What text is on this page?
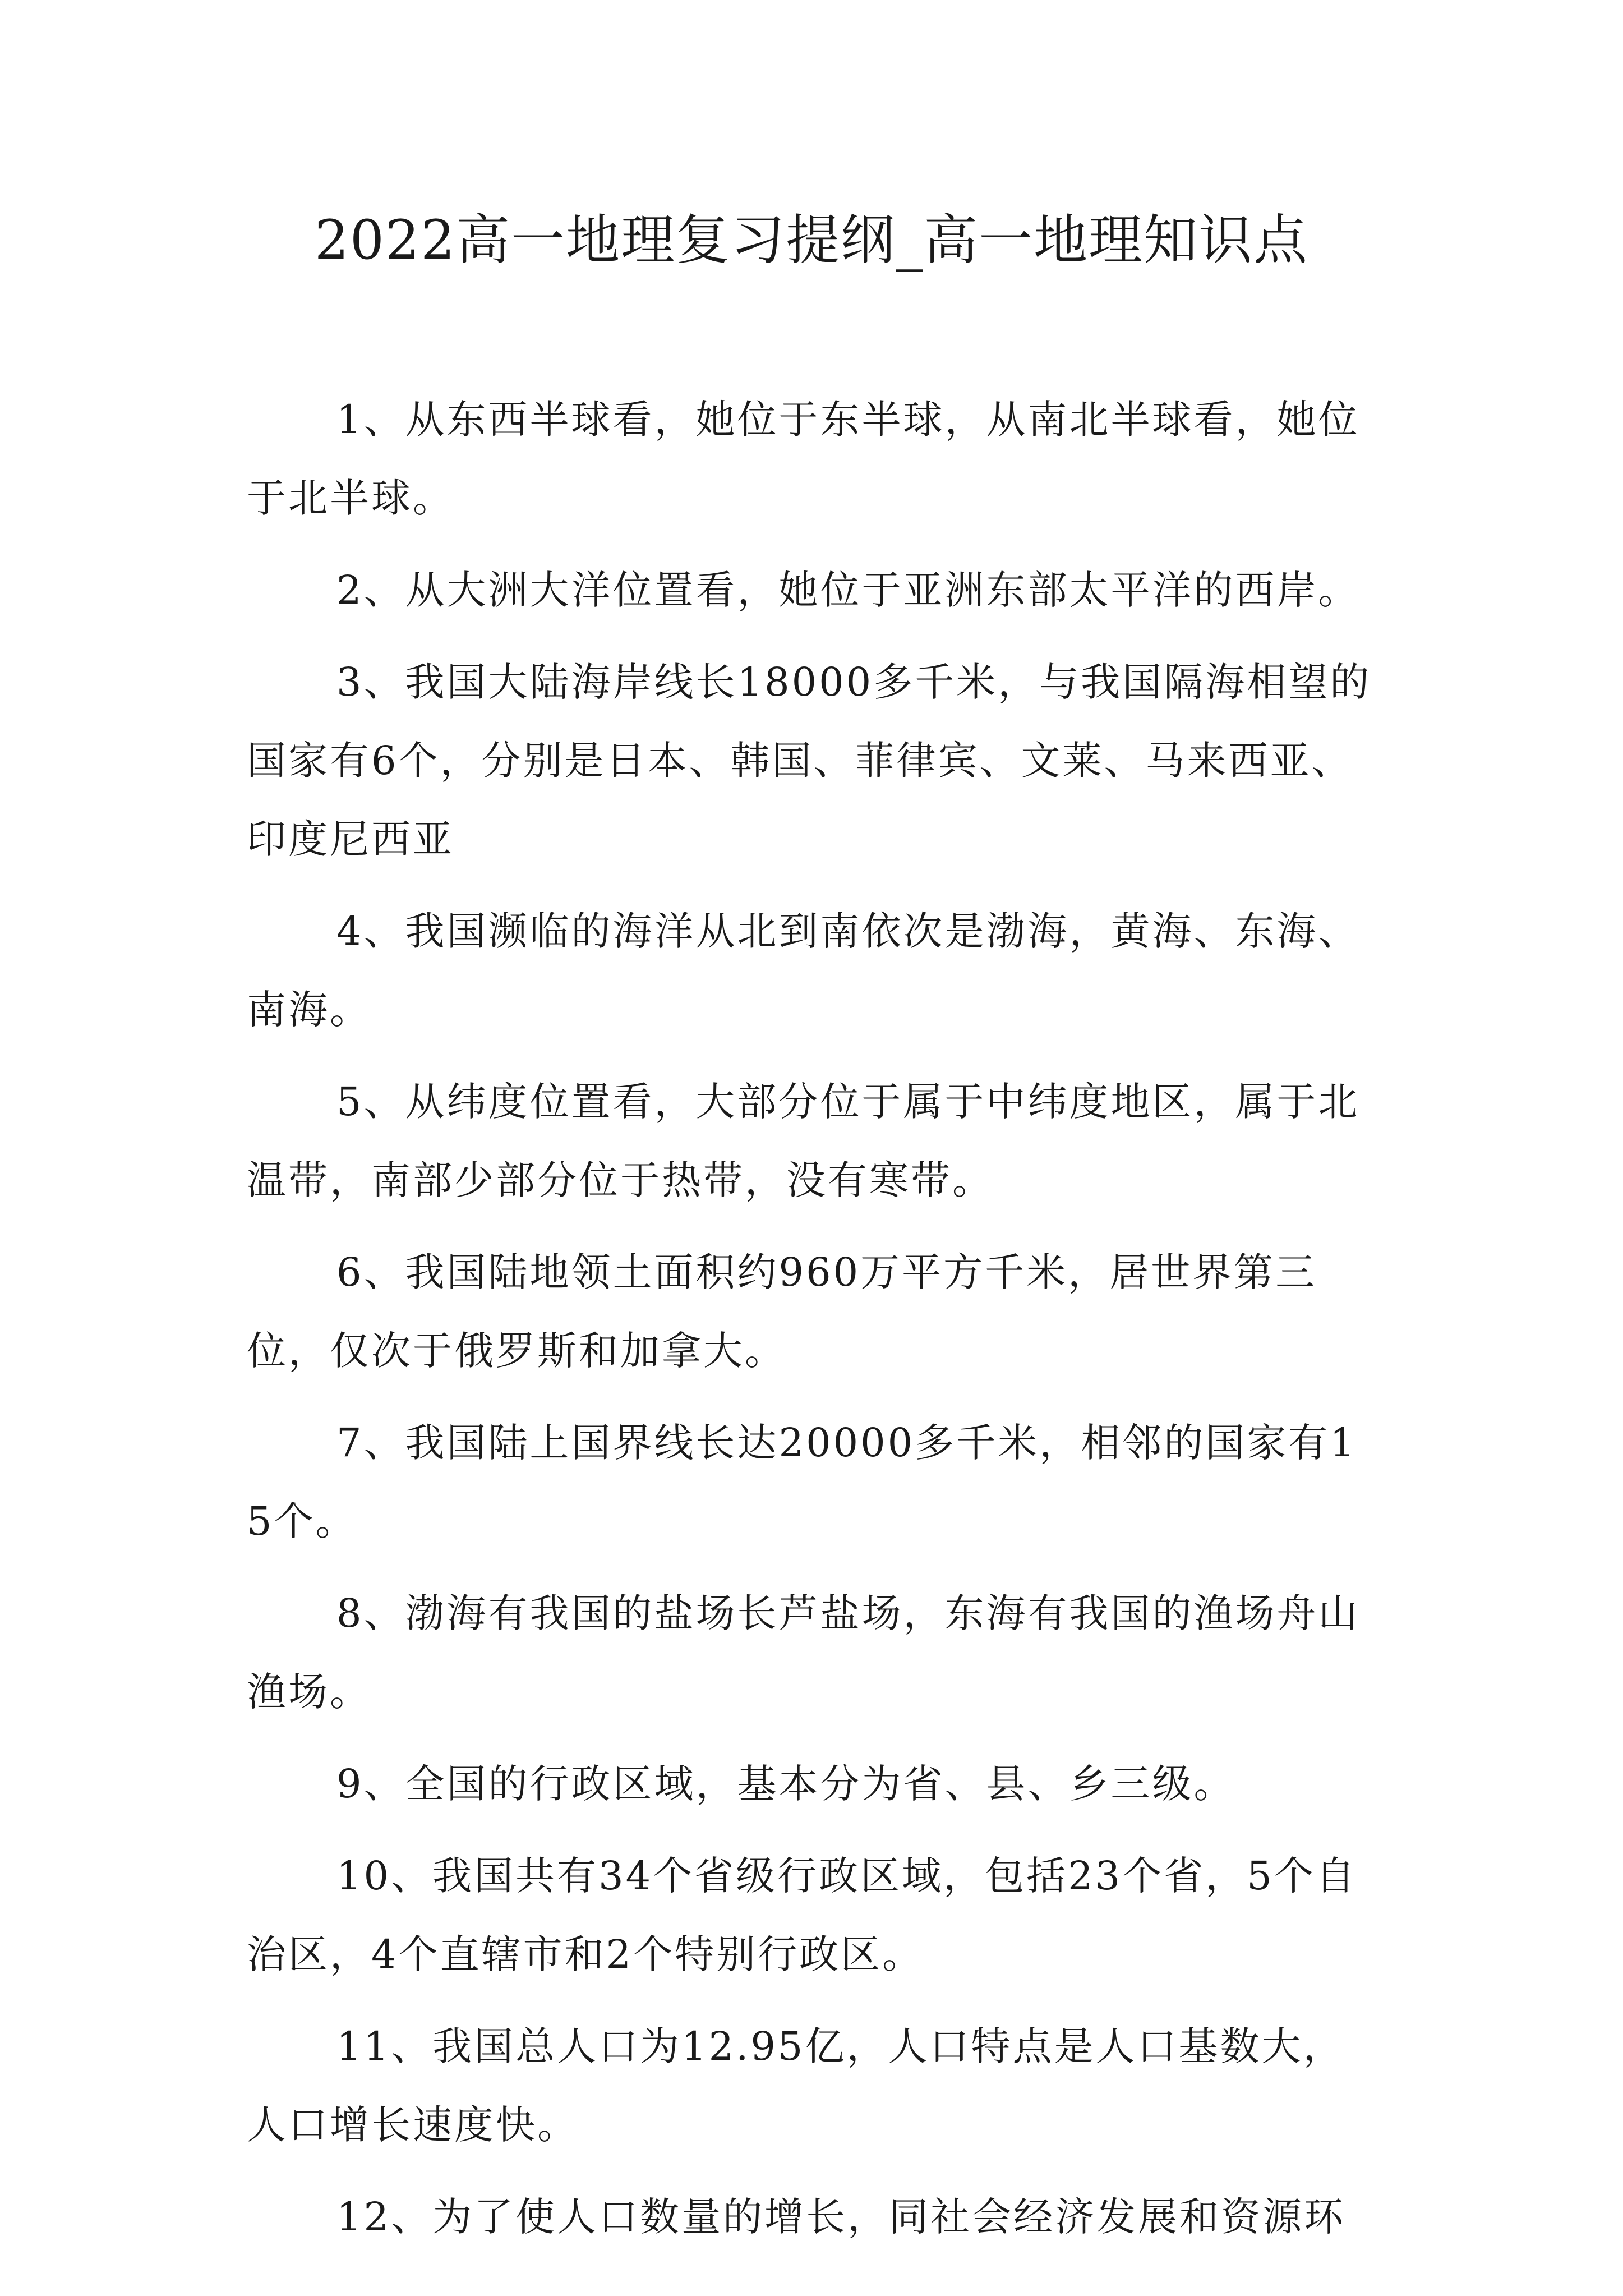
2022高一地理复习提纲_高一地理知识点

1、从东西半球看，她位于东半球，从南北半球看，她位于北半球。

2、从大洲大洋位置看，她位于亚洲东部太平洋的西岸。

3、我国大陆海岸线长18000多千米，与我国隔海相望的国家有6个，分别是日本、韩国、菲律宾、文莱、马来西亚、印度尼西亚

4、我国濒临的海洋从北到南依次是渤海，黄海、东海、南海。

5、从纬度位置看，大部分位于属于中纬度地区，属于北温带，南部少部分位于热带，没有寒带。

6、我国陆地领土面积约960万平方千米，居世界第三位，仅次于俄罗斯和加拿大。

7、我国陆上国界线长达20000多千米，相邻的国家有15个。

8、渤海有我国的盐场长芦盐场，东海有我国的渔场舟山渔场。

9、全国的行政区域，基本分为省、县、乡三级。

10、我国共有34个省级行政区域，包括23个省，5个自治区，4个直辖市和2个特别行政区。

11、我国总人口为12.95亿，人口特点是人口基数大，人口增长速度快。

12、为了使人口数量的增长，同社会经济发展和资源环
